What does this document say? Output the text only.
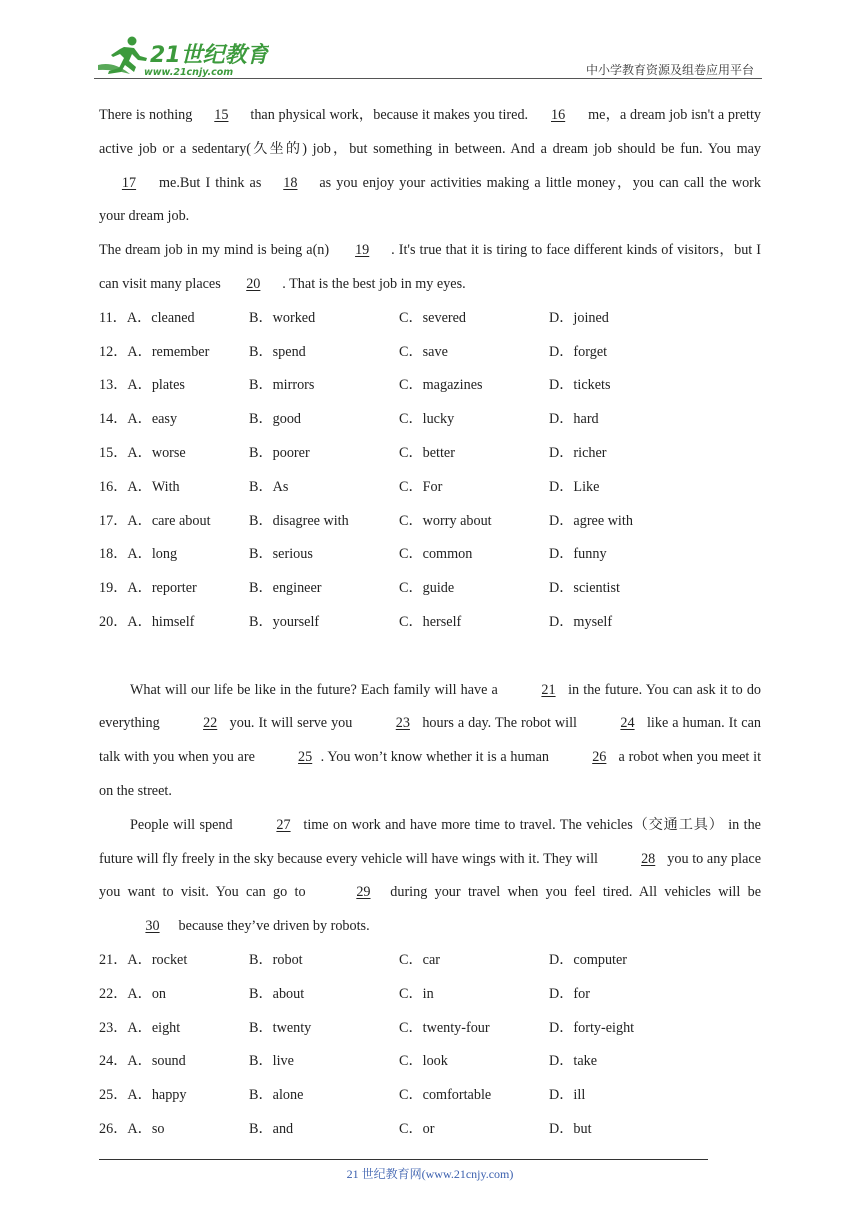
21世纪教育
www.21cnjy.com	中小学教育资源及组卷应用平台

There is nothing 15 than physical work，because it makes you tired. 16 me，a dream job isn't a pretty active job or a sedentary(久坐的) job，but something in between. And a dream job should be fun. You may17 me.But I think as 18 as you enjoy your activities making a little money，you can call the work your dream job.

The dream job in my mind is being a(n) 19 . It's true that it is tiring to face different kinds of visitors，but I can visit many places 20 . That is the best job in my eyes.

11．A．cleaned	B．worked	C．severed	D．joined
12．A．remember	B．spend	C．save	D．forget
13．A．plates	B．mirrors	C．magazines	D．tickets
14．A．easy	B．good	C．lucky	D．hard
15．A．worse	B．poorer	C．better	D．richer
16．A．With	B．As	C．For	D．Like
17．A．care about	B．disagree with	C．worry about	D．agree with
18．A．long	B．serious	C．common	D．funny
19．A．reporter	B．engineer	C．guide	D．scientist
20．A．himself	B．yourself	C．herself	D．myself

What will our life be like in the future? Each family will have a	21 in the future. You can ask it to do everything	22 you. It will serve you	23 hours a day. The robot will	24 like a human. It can talk with you when you are	25 . You won’t know whether it is a human	26 a robot when you meet it on the street.

People will spend	27 time on work and have more time to travel. The vehicles（交通工具） in the future will fly freely in the sky because every vehicle will have wings with it. They will	28 you to any place you want to visit. You can go to	29 during your travel when you feel tired. All vehicles will be 30 because they’ve driven by robots.

21．A．rocket	B．robot	C．car	D．computer
22．A．on	B．about	C．in	D．for
23．A．eight	B．twenty	C．twenty-four	D．forty-eight
24．A．sound	B．live	C．look	D．take
25．A．happy	B．alone	C．comfortable	D．ill
26．A．so	B．and	C．or	D．but
21 世纪教育网(www.21cnjy.com)
